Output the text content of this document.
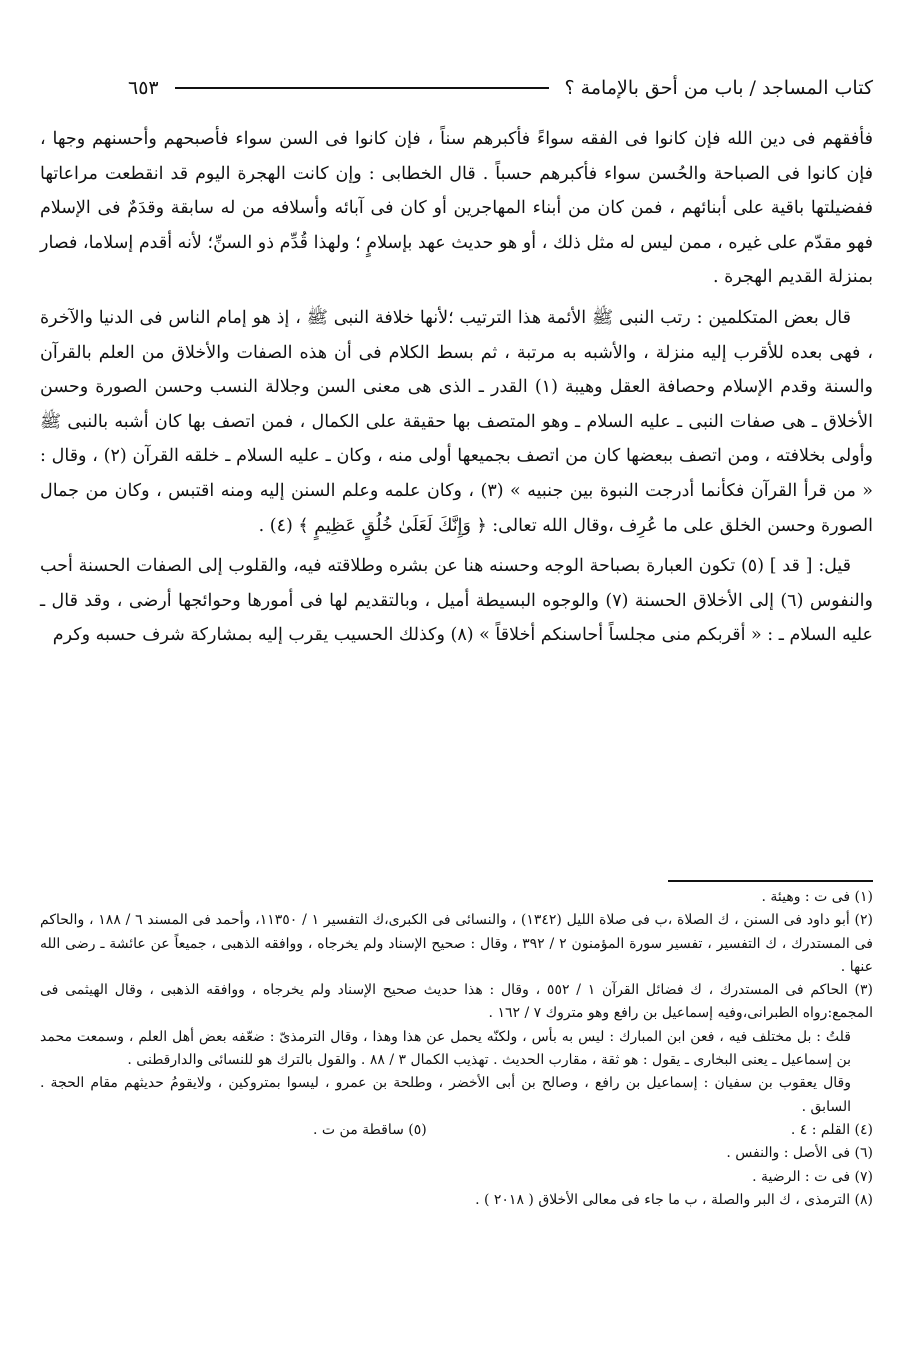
كتاب المساجد / باب من أحق بالإمامة ؟
٦٥٣

فأفقهم فى دين الله فإن كانوا فى الفقه سواءً فأكبرهم سناً ، فإن كانوا فى السن سواء فأصبحهم وأحسنهم وجها ، فإن كانوا فى الصباحة والحُسن سواء فأكبرهم حسباً . قال الخطابى : وإن كانت الهجرة اليوم قد انقطعت مراعاتها ففضيلتها باقية على أبنائهم ، فمن كان من أبناء المهاجرين أو كان فى آبائه وأسلافه من له سابقة وقدَمٌ فى الإسلام فهو مقدّم على غيره ، ممن ليس له مثل ذلك ، أو هو حديث عهد بإسلامٍ ؛ ولهذا قُدِّم ذو السنِّ؛ لأنه أقدم إسلاما، فصار بمنزلة القديم الهجرة .

قال بعض المتكلمين : رتب النبى ﷺ الأئمة هذا الترتيب ؛لأنها خلافة النبى ﷺ ، إذ هو إمام الناس فى الدنيا والآخرة ، فهى بعده للأقرب إليه منزلة ، والأشبه به مرتبة ، ثم بسط الكلام فى أن هذه الصفات والأخلاق من العلم بالقرآن والسنة وقدم الإسلام وحصافة العقل وهيبة (١) القدر ـ الذى هى معنى السن وجلالة النسب وحسن الصورة وحسن الأخلاق ـ هى صفات النبى ـ عليه السلام ـ وهو المتصف بها حقيقة على الكمال ، فمن اتصف بها كان أشبه بالنبى ﷺ وأولى بخلافته ، ومن اتصف ببعضها كان من اتصف بجميعها أولى منه ، وكان ـ عليه السلام ـ خلقه القرآن (٢) ، وقال : « من قرأ القرآن فكأنما أدرجت النبوة بين جنبيه » (٣) ، وكان علمه وعلم السنن إليه ومنه اقتبس ، وكان من جمال الصورة وحسن الخلق على ما عُرِف ،وقال الله تعالى: ﴿ وَإِنَّكَ لَعَلَىٰ خُلُقٍ عَظِيمٍ ﴾ (٤) .

قيل: [ قد ] (٥) تكون العبارة بصباحة الوجه وحسنه هنا عن بشره وطلاقته فيه، والقلوب إلى الصفات الحسنة أحب والنفوس (٦) إلى الأخلاق الحسنة (٧) والوجوه البسيطة أميل ، وبالتقديم لها فى أمورها وحوائجها أرضى ، وقد قال ـ عليه السلام ـ : « أقربكم منى مجلساً أحاسنكم أخلاقاً » (٨) وكذلك الحسيب يقرب إليه بمشاركة شرف حسبه وكرم

(١) فى ت : وهيئة .

(٢) أبو داود فى السنن ، ك الصلاة ،ب فى صلاة الليل (١٣٤٢) ، والنسائى فى الكبرى،ك التفسير ١ / ١١٣٥٠، وأحمد فى المسند ٦ / ١٨٨ ، والحاكم فى المستدرك ، ك التفسير ، تفسير سورة المؤمنون ٢ / ٣٩٢ ، وقال : صحيح الإسناد ولم يخرجاه ، ووافقه الذهبى ، جميعاً عن عائشة ـ رضى الله عنها .

(٣) الحاكم فى المستدرك ، ك فضائل القرآن ١ / ٥٥٢ ، وقال : هذا حديث صحيح الإسناد ولم يخرجاه ، ووافقه الذهبى ، وقال الهيثمى فى المجمع:رواه الطبرانى،وفيه إسماعيل بن رافع وهو متروك ٧ / ١٦٢ .

قلتُ : بل مختلف فيه ، فعن ابن المبارك : ليس به بأس ، ولكنّه يحمل عن هذا وهذا ، وقال الترمذىّ : ضعّفه بعض أهل العلم ، وسمعت محمد بن إسماعيل ـ يعنى البخارى ـ يقول : هو ثقة ، مقارب الحديث . تهذيب الكمال ٣ / ٨٨ . والقول بالترك هو للنسائى والدارقطنى .

وقال يعقوب بن سفيان : إسماعيل بن رافع ، وصالح بن أبى الأخضر ، وطلحة بن عمرو ، ليسوا بمتروكين ، ولايقومُ حديثهم مقام الحجة . السابق .

(٤) القلم : ٤ .
(٥) ساقطة من ت .

(٦) فى الأصل : والنفس .

(٧) فى ت : الرضية .

(٨) الترمذى ، ك البر والصلة ، ب ما جاء فى معالى الأخلاق ( ٢٠١٨ ) .
